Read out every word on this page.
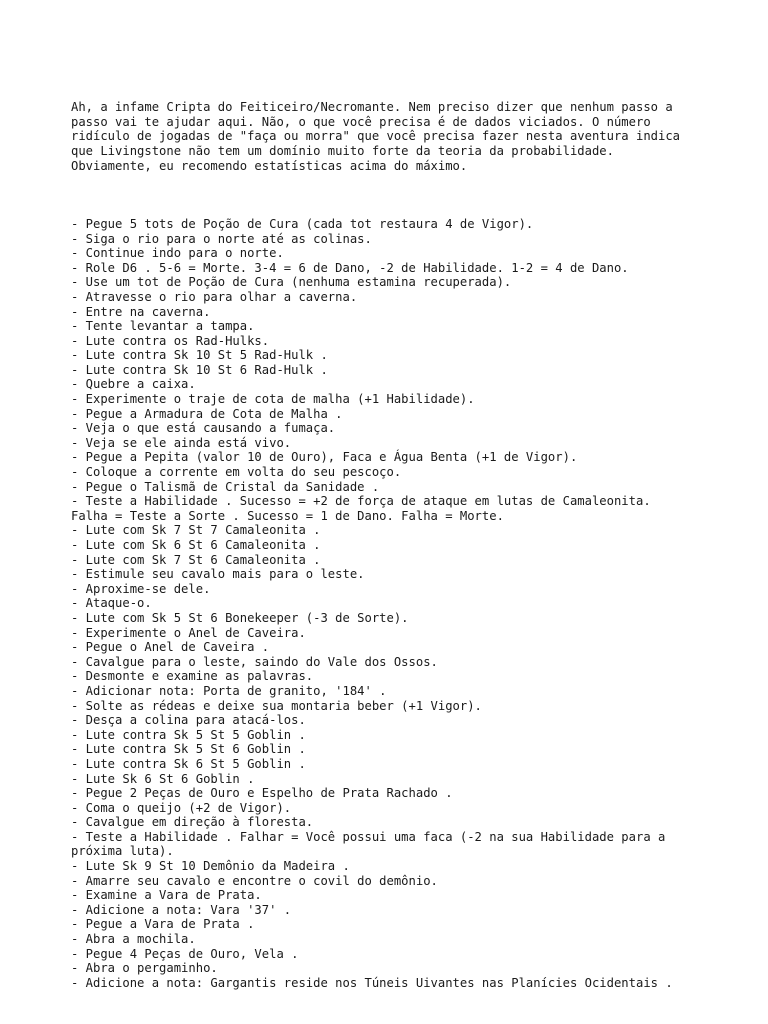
Ah, a infame Cripta do Feiticeiro/Necromante. Nem preciso dizer que nenhum passo a
passo vai te ajudar aqui. Não, o que você precisa é de dados viciados. O número
ridículo de jogadas de "faça ou morra" que você precisa fazer nesta aventura indica
que Livingstone não tem um domínio muito forte da teoria da probabilidade.
Obviamente, eu recomendo estatísticas acima do máximo.

- Pegue 5 tots de Poção de Cura (cada tot restaura 4 de Vigor).
- Siga o rio para o norte até as colinas.
- Continue indo para o norte.
- Role D6 . 5-6 = Morte. 3-4 = 6 de Dano, -2 de Habilidade. 1-2 = 4 de Dano.
- Use um tot de Poção de Cura (nenhuma estamina recuperada).
- Atravesse o rio para olhar a caverna.
- Entre na caverna.
- Tente levantar a tampa.
- Lute contra os Rad-Hulks.
- Lute contra Sk 10 St 5 Rad-Hulk .
- Lute contra Sk 10 St 6 Rad-Hulk .
- Quebre a caixa.
- Experimente o traje de cota de malha (+1 Habilidade).
- Pegue a Armadura de Cota de Malha .
- Veja o que está causando a fumaça.
- Veja se ele ainda está vivo.
- Pegue a Pepita (valor 10 de Ouro), Faca e Água Benta (+1 de Vigor).
- Coloque a corrente em volta do seu pescoço.
- Pegue o Talismã de Cristal da Sanidade .
- Teste a Habilidade . Sucesso = +2 de força de ataque em lutas de Camaleonita.
Falha = Teste a Sorte . Sucesso = 1 de Dano. Falha = Morte.
- Lute com Sk 7 St 7 Camaleonita .
- Lute com Sk 6 St 6 Camaleonita .
- Lute com Sk 7 St 6 Camaleonita .
- Estimule seu cavalo mais para o leste.
- Aproxime-se dele.
- Ataque-o.
- Lute com Sk 5 St 6 Bonekeeper (-3 de Sorte).
- Experimente o Anel de Caveira.
- Pegue o Anel de Caveira .
- Cavalgue para o leste, saindo do Vale dos Ossos.
- Desmonte e examine as palavras.
- Adicionar nota: Porta de granito, '184' .
- Solte as rédeas e deixe sua montaria beber (+1 Vigor).
- Desça a colina para atacá-los.
- Lute contra Sk 5 St 5 Goblin .
- Lute contra Sk 5 St 6 Goblin .
- Lute contra Sk 6 St 5 Goblin .
- Lute Sk 6 St 6 Goblin .
- Pegue 2 Peças de Ouro e Espelho de Prata Rachado .
- Coma o queijo (+2 de Vigor).
- Cavalgue em direção à floresta.
- Teste a Habilidade . Falhar = Você possui uma faca (-2 na sua Habilidade para a
próxima luta).
- Lute Sk 9 St 10 Demônio da Madeira .
- Amarre seu cavalo e encontre o covil do demônio.
- Examine a Vara de Prata.
- Adicione a nota: Vara '37' .
- Pegue a Vara de Prata .
- Abra a mochila.
- Pegue 4 Peças de Ouro, Vela .
- Abra o pergaminho.
- Adicione a nota: Gargantis reside nos Túneis Uivantes nas Planícies Ocidentais .
